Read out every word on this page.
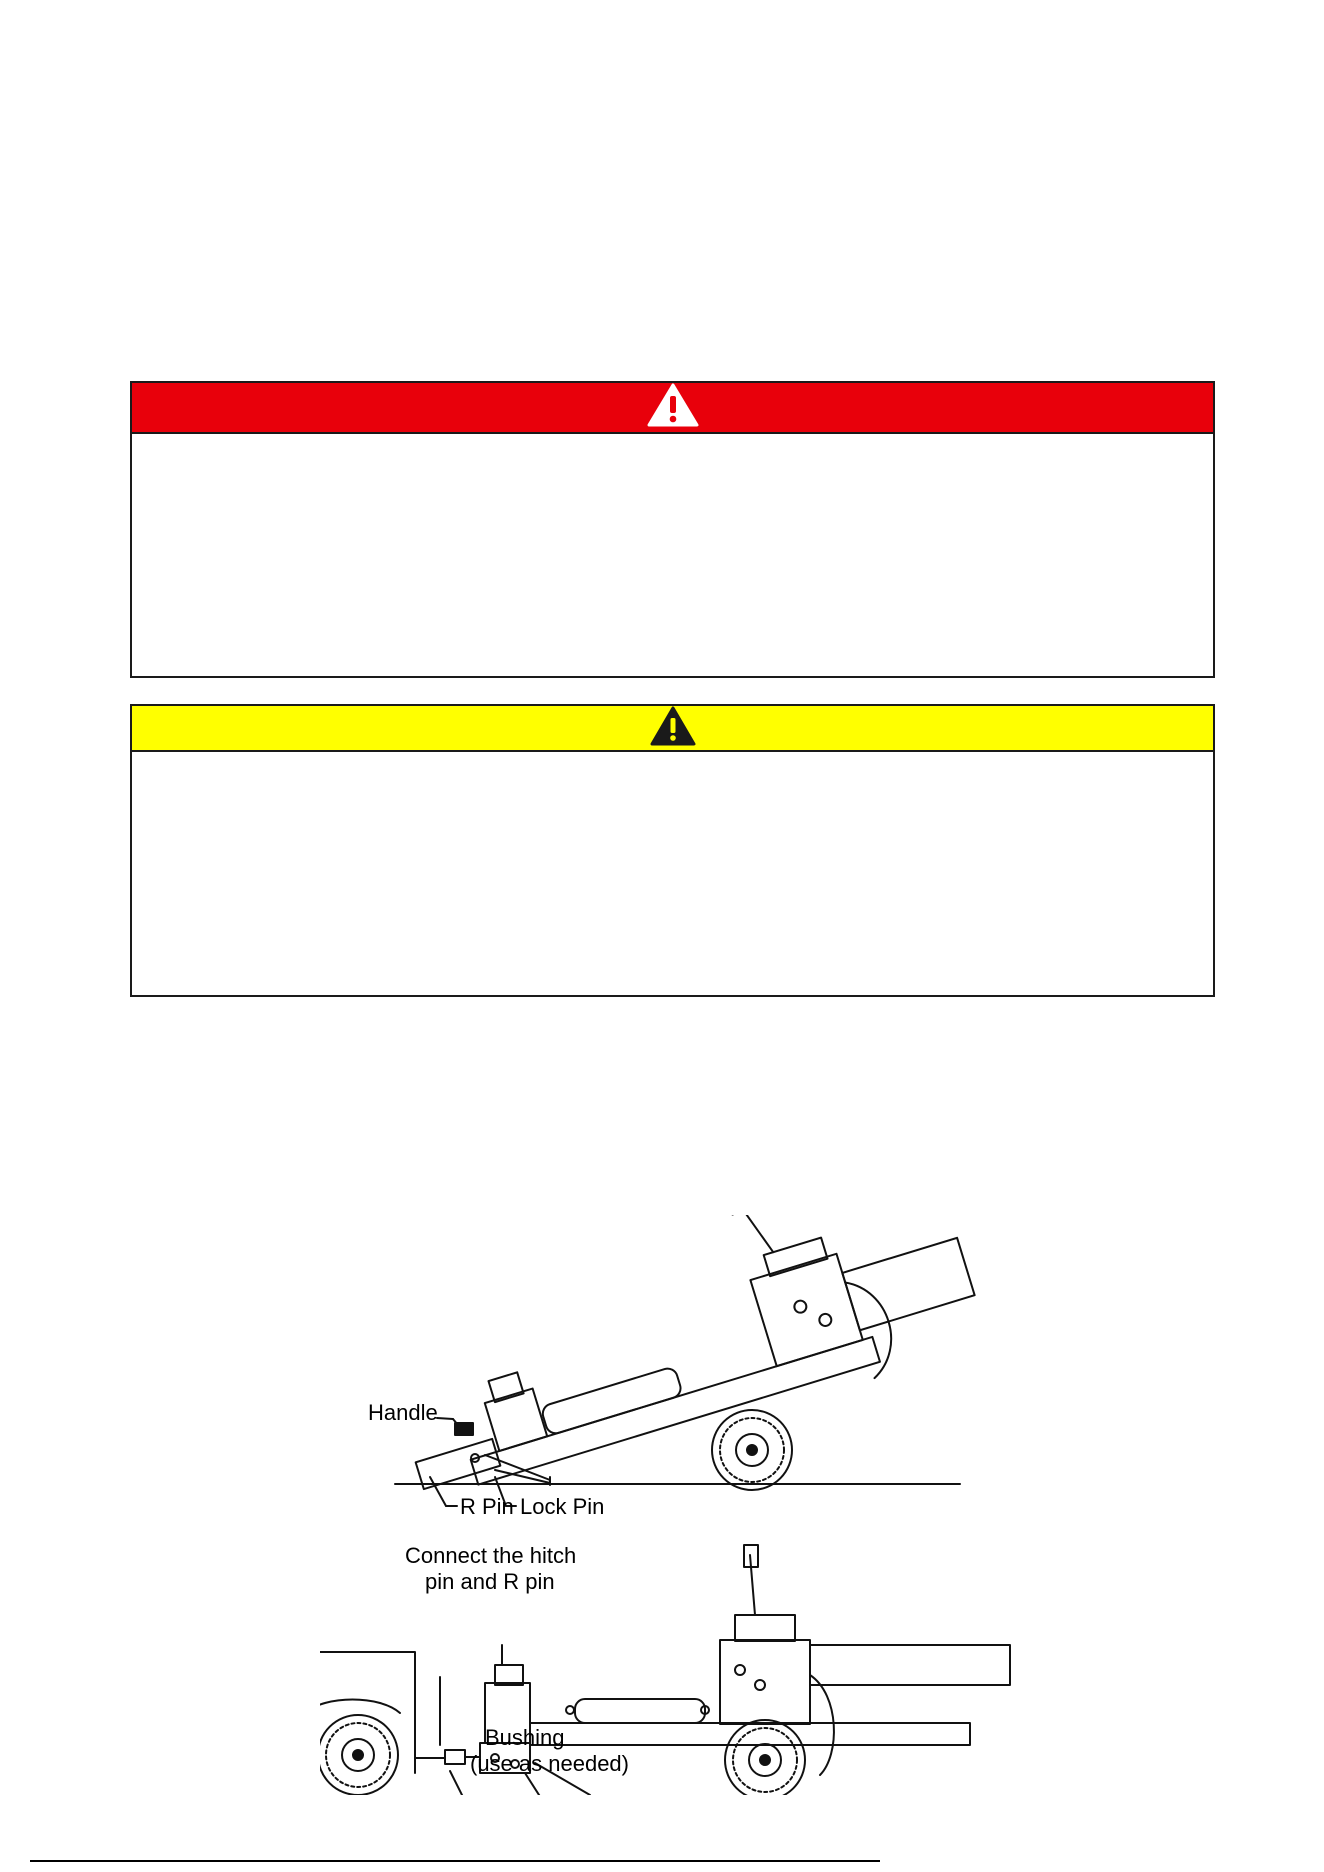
Handle
R Pin Lock Pin
Connect the hitch
pin and R pin
Bushing
(use as needed)
